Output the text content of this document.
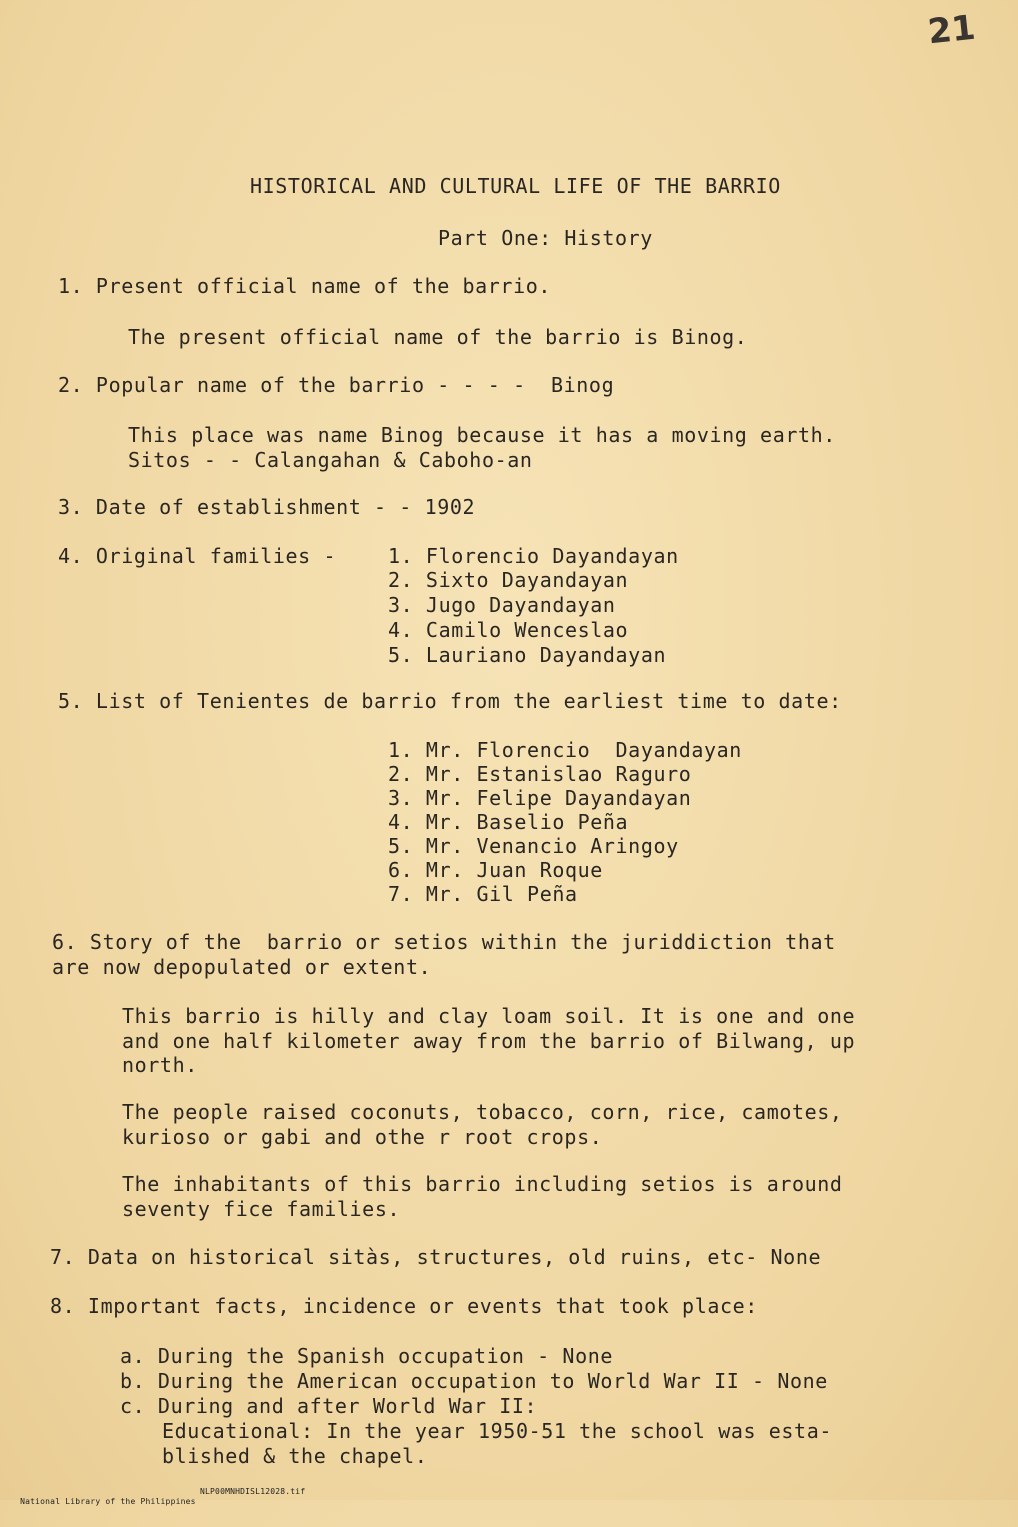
21
HISTORICAL AND CULTURAL LIFE OF THE BARRIO
Part One: History
1. Present official name of the barrio.
The present official name of the barrio is Binog.
2. Popular name of the barrio - - - -  Binog
This place was name Binog because it has a moving earth.
Sitos - - Calangahan & Caboho-an
3. Date of establishment - - 1902
4. Original families -	1. Florencio Dayandayan
2. Sixto Dayandayan
3. Jugo Dayandayan
4. Camilo Wenceslao
5. Lauriano Dayandayan
5. List of Tenientes de barrio from the earliest time to date:
1. Mr. Florencio  Dayandayan
2. Mr. Estanislao Raguro
3. Mr. Felipe Dayandayan
4. Mr. Baselio Peña
5. Mr. Venancio Aringoy
6. Mr. Juan Roque
7. Mr. Gil Peña
6. Story of the  barrio or setios within the juriddiction that
are now depopulated or extent.
This barrio is hilly and clay loam soil. It is one and one
and one half kilometer away from the barrio of Bilwang, up
north.
The people raised coconuts, tobacco, corn, rice, camotes,
kurioso or gabi and othe r root crops.
The inhabitants of this barrio including setios is around
seventy fice families.
7. Data on historical sitàs, structures, old ruins, etc- None
8. Important facts, incidence or events that took place:
a. During the Spanish occupation - None
b. During the American occupation to World War II - None
c. During and after World War II:
Educational: In the year 1950-51 the school was esta-
blished & the chapel.

National Library of the Philippines

NLP00MNHDISL12028.tif
